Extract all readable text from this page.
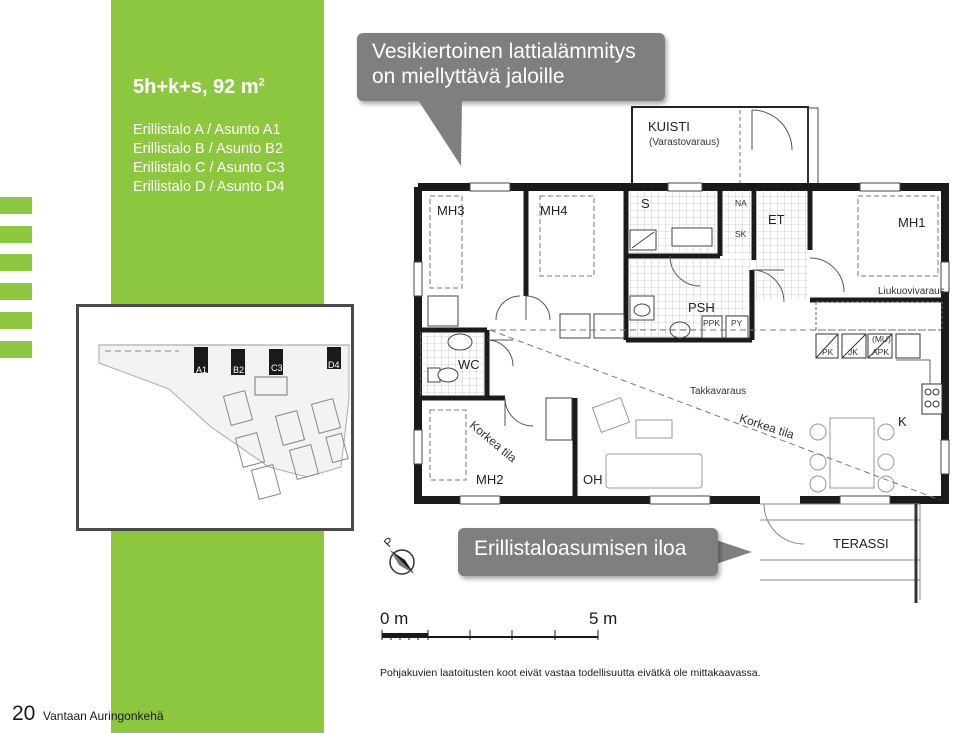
5h+k+s, 92 $m^2$
Erillistalo A / Asunto A1
Erillistalo B / Asunto B2
Erillistalo C / Asunto C3
Erillistalo D / Asunto D4
Vesikiertoinen lattialämmitys
on miellyttävä jaloille
A1	B2	C3	D4
KUISTI
(Varastovaraus)
MH3	MH4	S	NA
SK
ET	MH1
Liukuovivaraus
PSH
PPK PY
WC
PK JK
(MU)
APK
Takkavaraus
Korkea tila	Korkea tila	K
MH2	OH
TERASSI
P	Erillistaloasumisen iloa
0 m	5 m
Pohjakuvien laatoitusten koot eivät vastaa todellisuutta eivätkä ole mittakaavassa.
20 Vantaan Auringonkehä
